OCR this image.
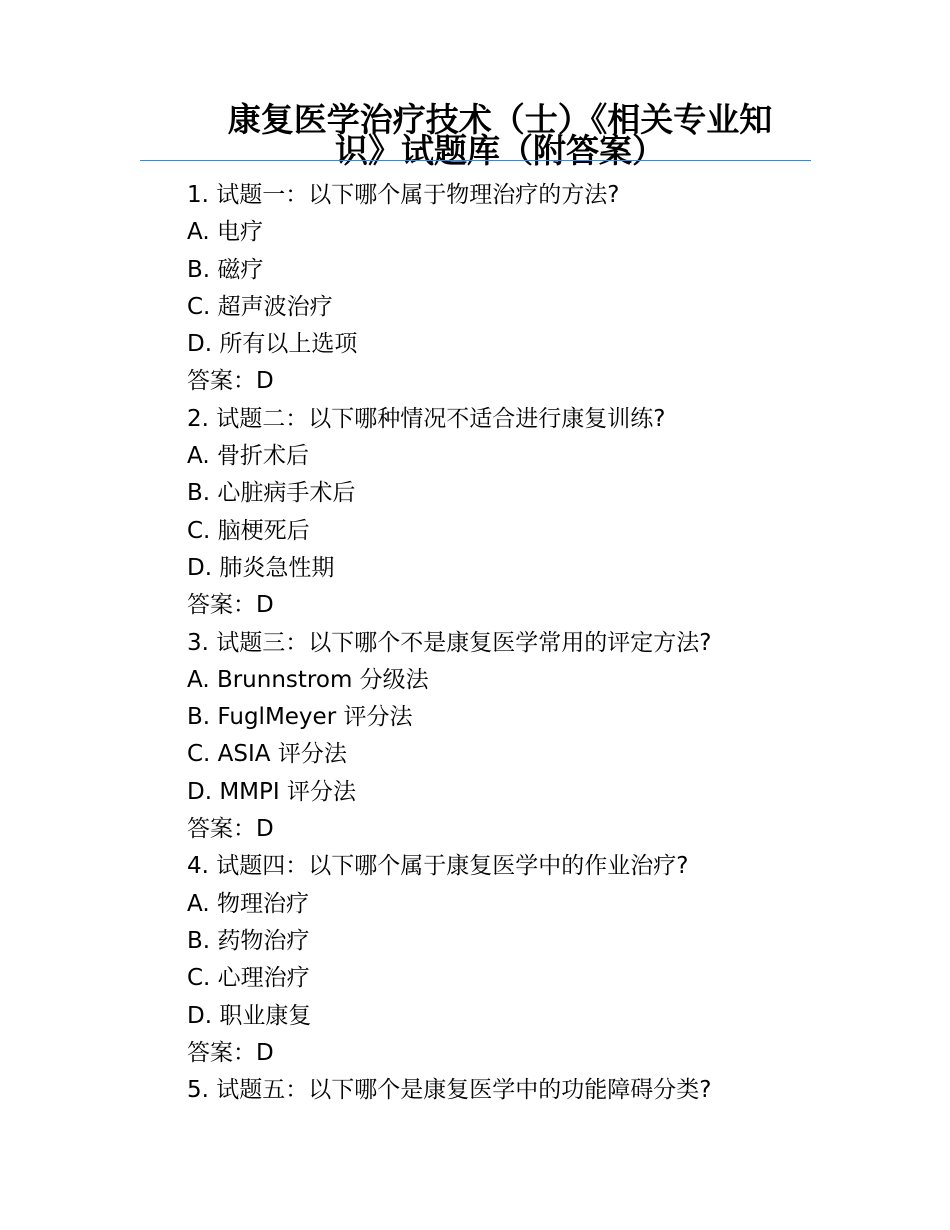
康复医学治疗技术（士）《相关专业知
识》试题库（附答案）
1. 试题一：以下哪个属于物理治疗的方法?
A. 电疗
B. 磁疗
C. 超声波治疗
D. 所有以上选项
答案：D
2. 试题二：以下哪种情况不适合进行康复训练?
A. 骨折术后
B. 心脏病手术后
C. 脑梗死后
D. 肺炎急性期
答案：D
3. 试题三：以下哪个不是康复医学常用的评定方法?
A. Brunnstrom 分级法
B. FuglMeyer 评分法
C. ASIA 评分法
D. MMPI 评分法
答案：D
4. 试题四：以下哪个属于康复医学中的作业治疗?
A. 物理治疗
B. 药物治疗
C. 心理治疗
D. 职业康复
答案：D
5. 试题五：以下哪个是康复医学中的功能障碍分类?
